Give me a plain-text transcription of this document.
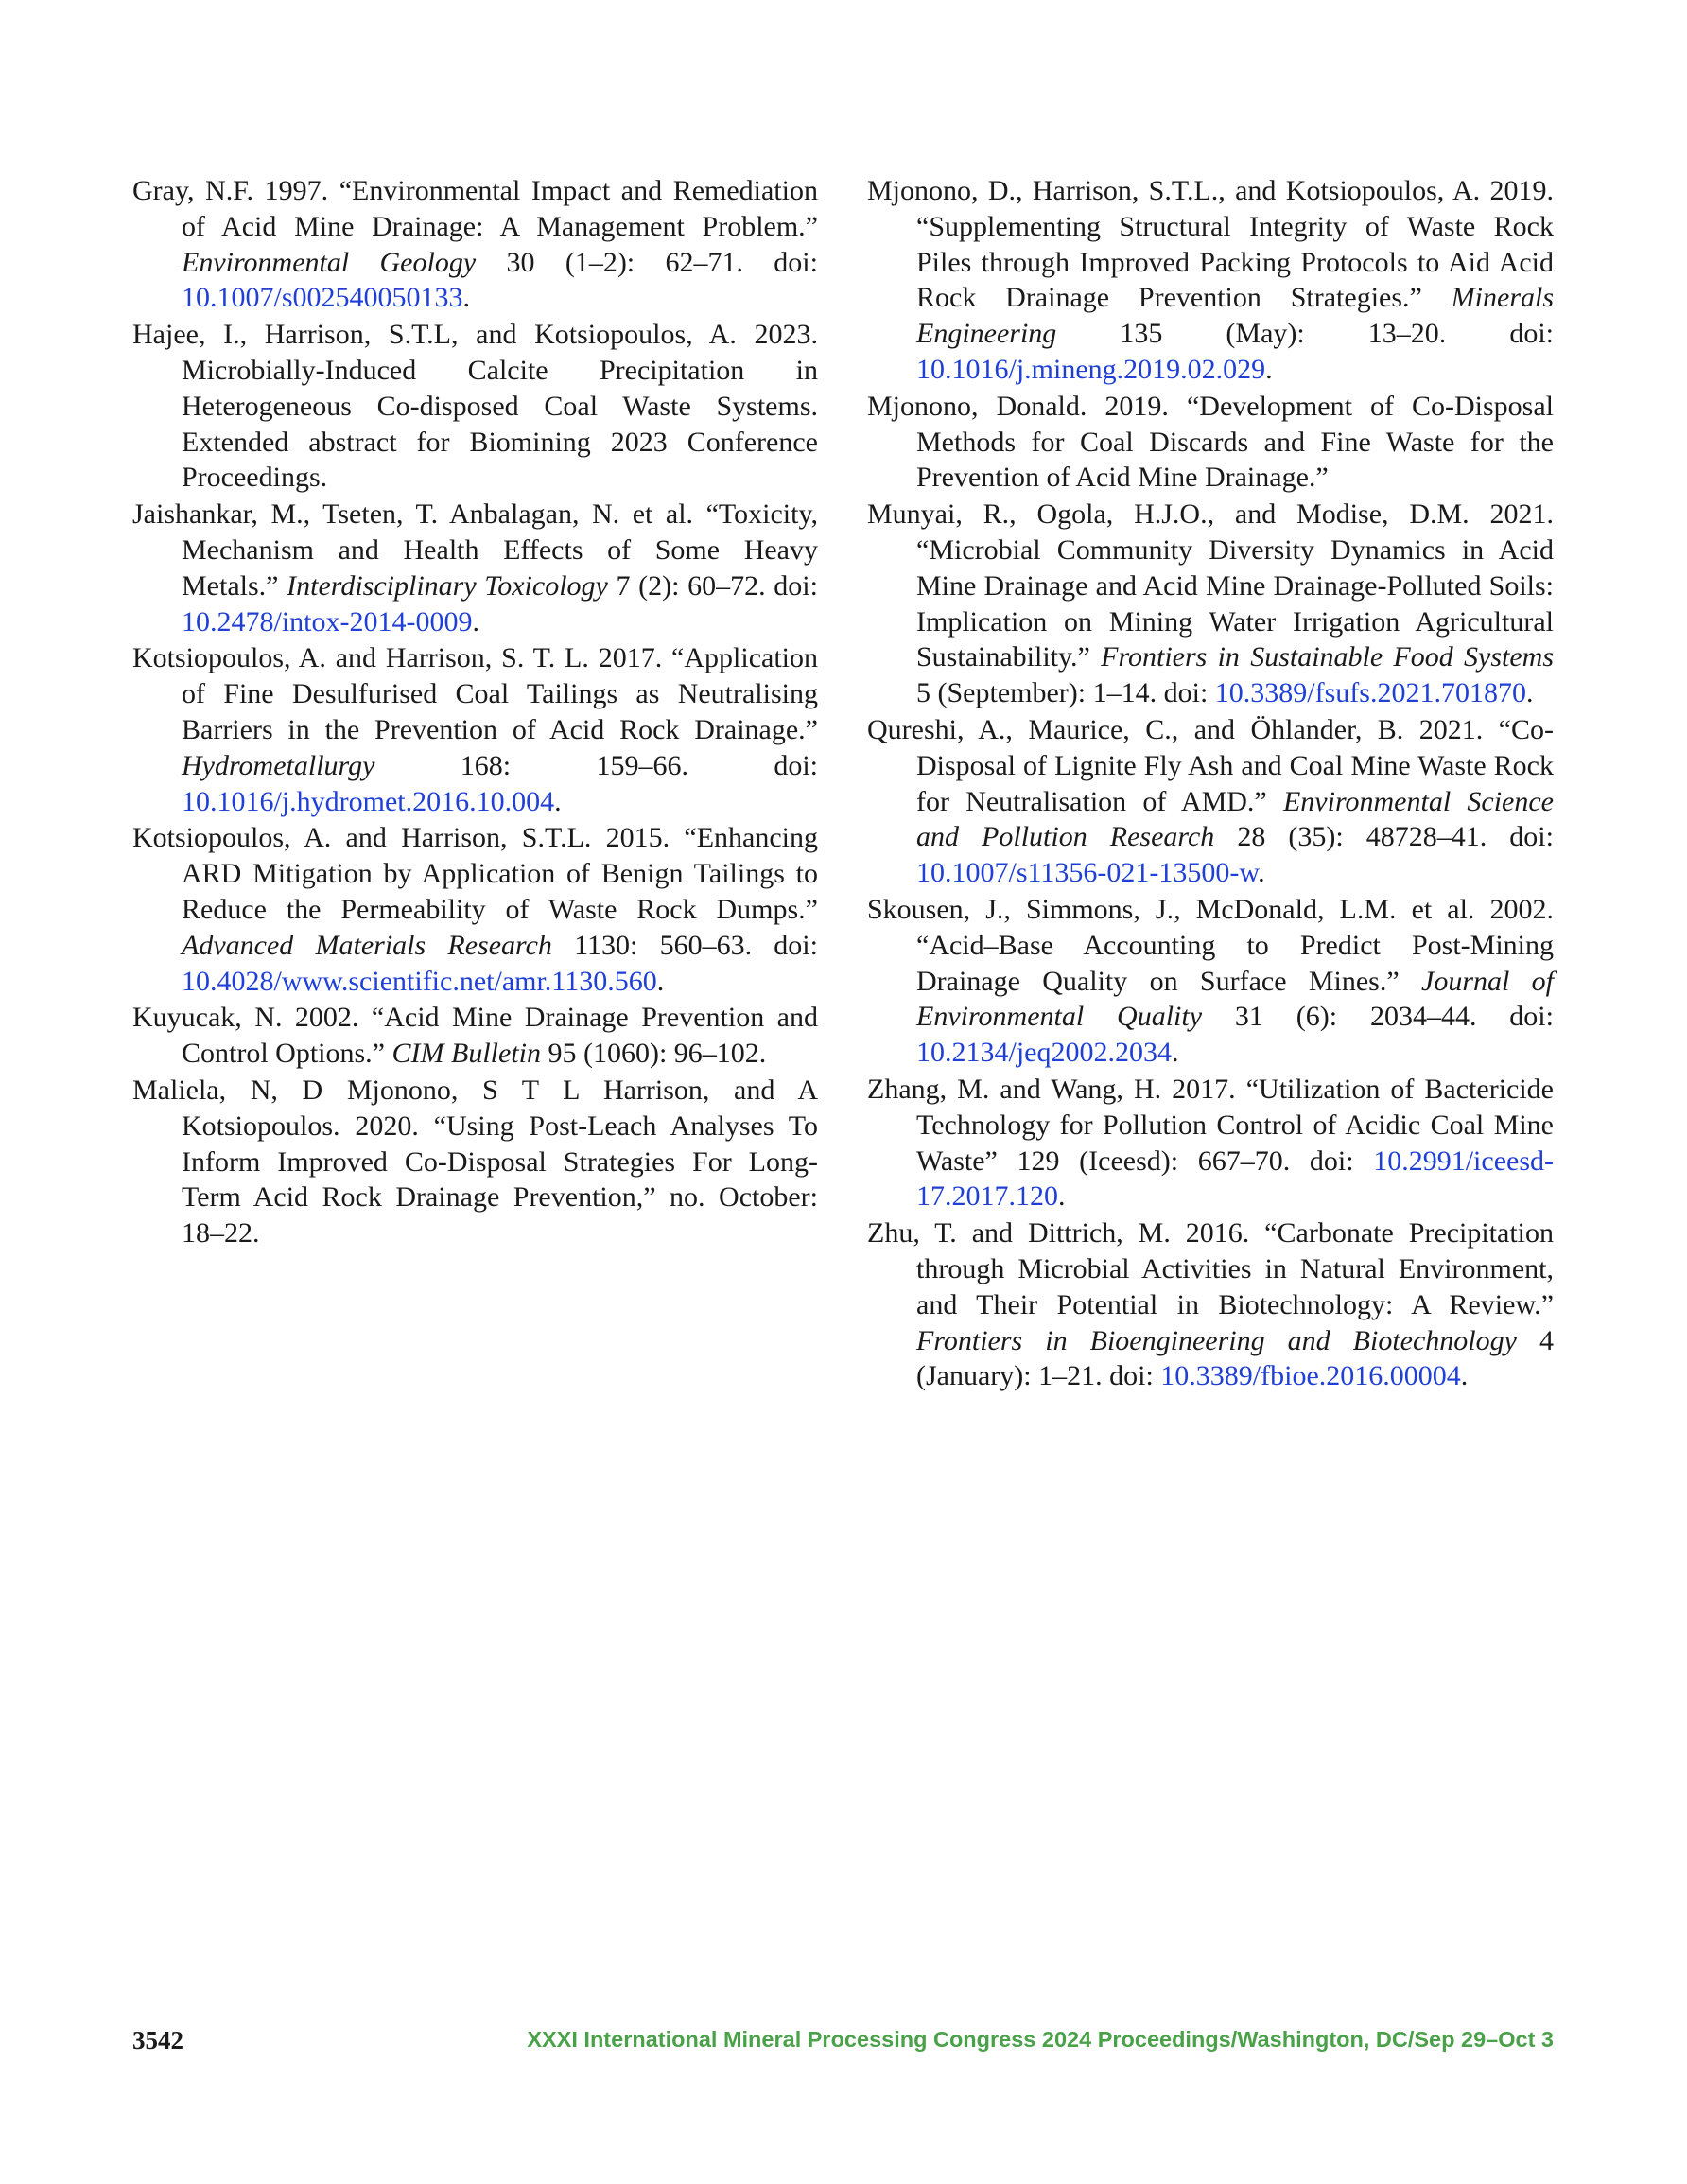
Gray, N.F. 1997. “Environmental Impact and Remediation of Acid Mine Drainage: A Management Problem.” Environmental Geology 30 (1–2): 62–71. doi: 10.1007/s002540050133.

Hajee, I., Harrison, S.T.L, and Kotsiopoulos, A. 2023. Microbially-Induced Calcite Precipitation in Heterogeneous Co-disposed Coal Waste Systems. Extended abstract for Biomining 2023 Conference Proceedings.

Jaishankar, M., Tseten, T. Anbalagan, N. et al. “Toxicity, Mechanism and Health Effects of Some Heavy Metals.” Interdisciplinary Toxicology 7 (2): 60–72. doi: 10.2478/intox-2014-0009.

Kotsiopoulos, A. and Harrison, S. T. L. 2017. “Application of Fine Desulfurised Coal Tailings as Neutralising Barriers in the Prevention of Acid Rock Drainage.” Hydrometallurgy 168: 159–66. doi: 10.1016/j.hydromet.2016.10.004.

Kotsiopoulos, A. and Harrison, S.T.L. 2015. “Enhancing ARD Mitigation by Application of Benign Tailings to Reduce the Permeability of Waste Rock Dumps.” Advanced Materials Research 1130: 560–63. doi: 10.4028/www.scientific.net/amr.1130.560.

Kuyucak, N. 2002. “Acid Mine Drainage Prevention and Control Options.” CIM Bulletin 95 (1060): 96–102.

Maliela, N, D Mjonono, S T L Harrison, and A Kotsiopoulos. 2020. “Using Post-Leach Analyses To Inform Improved Co-Disposal Strategies For Long-Term Acid Rock Drainage Prevention,” no. October: 18–22.

Mjonono, D., Harrison, S.T.L., and Kotsiopoulos, A. 2019. “Supplementing Structural Integrity of Waste Rock Piles through Improved Packing Protocols to Aid Acid Rock Drainage Prevention Strategies.” Minerals Engineering 135 (May): 13–20. doi: 10.1016/j.mineng.2019.02.029.

Mjonono, Donald. 2019. “Development of Co-Disposal Methods for Coal Discards and Fine Waste for the Prevention of Acid Mine Drainage.”

Munyai, R., Ogola, H.J.O., and Modise, D.M. 2021. “Microbial Community Diversity Dynamics in Acid Mine Drainage and Acid Mine Drainage-Polluted Soils: Implication on Mining Water Irrigation Agricultural Sustainability.” Frontiers in Sustainable Food Systems 5 (September): 1–14. doi: 10.3389/fsufs.2021.701870.

Qureshi, A., Maurice, C., and Öhlander, B. 2021. “Co-Disposal of Lignite Fly Ash and Coal Mine Waste Rock for Neutralisation of AMD.” Environmental Science and Pollution Research 28 (35): 48728–41. doi: 10.1007/s11356-021-13500-w.

Skousen, J., Simmons, J., McDonald, L.M. et al. 2002. “Acid–Base Accounting to Predict Post-Mining Drainage Quality on Surface Mines.” Journal of Environmental Quality 31 (6): 2034–44. doi: 10.2134/jeq2002.2034.

Zhang, M. and Wang, H. 2017. “Utilization of Bactericide Technology for Pollution Control of Acidic Coal Mine Waste” 129 (Iceesd): 667–70. doi: 10.2991/iceesd-17.2017.120.

Zhu, T. and Dittrich, M. 2016. “Carbonate Precipitation through Microbial Activities in Natural Environment, and Their Potential in Biotechnology: A Review.” Frontiers in Bioengineering and Biotechnology 4 (January): 1–21. doi: 10.3389/fbioe.2016.00004.

3542	XXXI International Mineral Processing Congress 2024 Proceedings/Washington, DC/Sep 29–Oct 3
